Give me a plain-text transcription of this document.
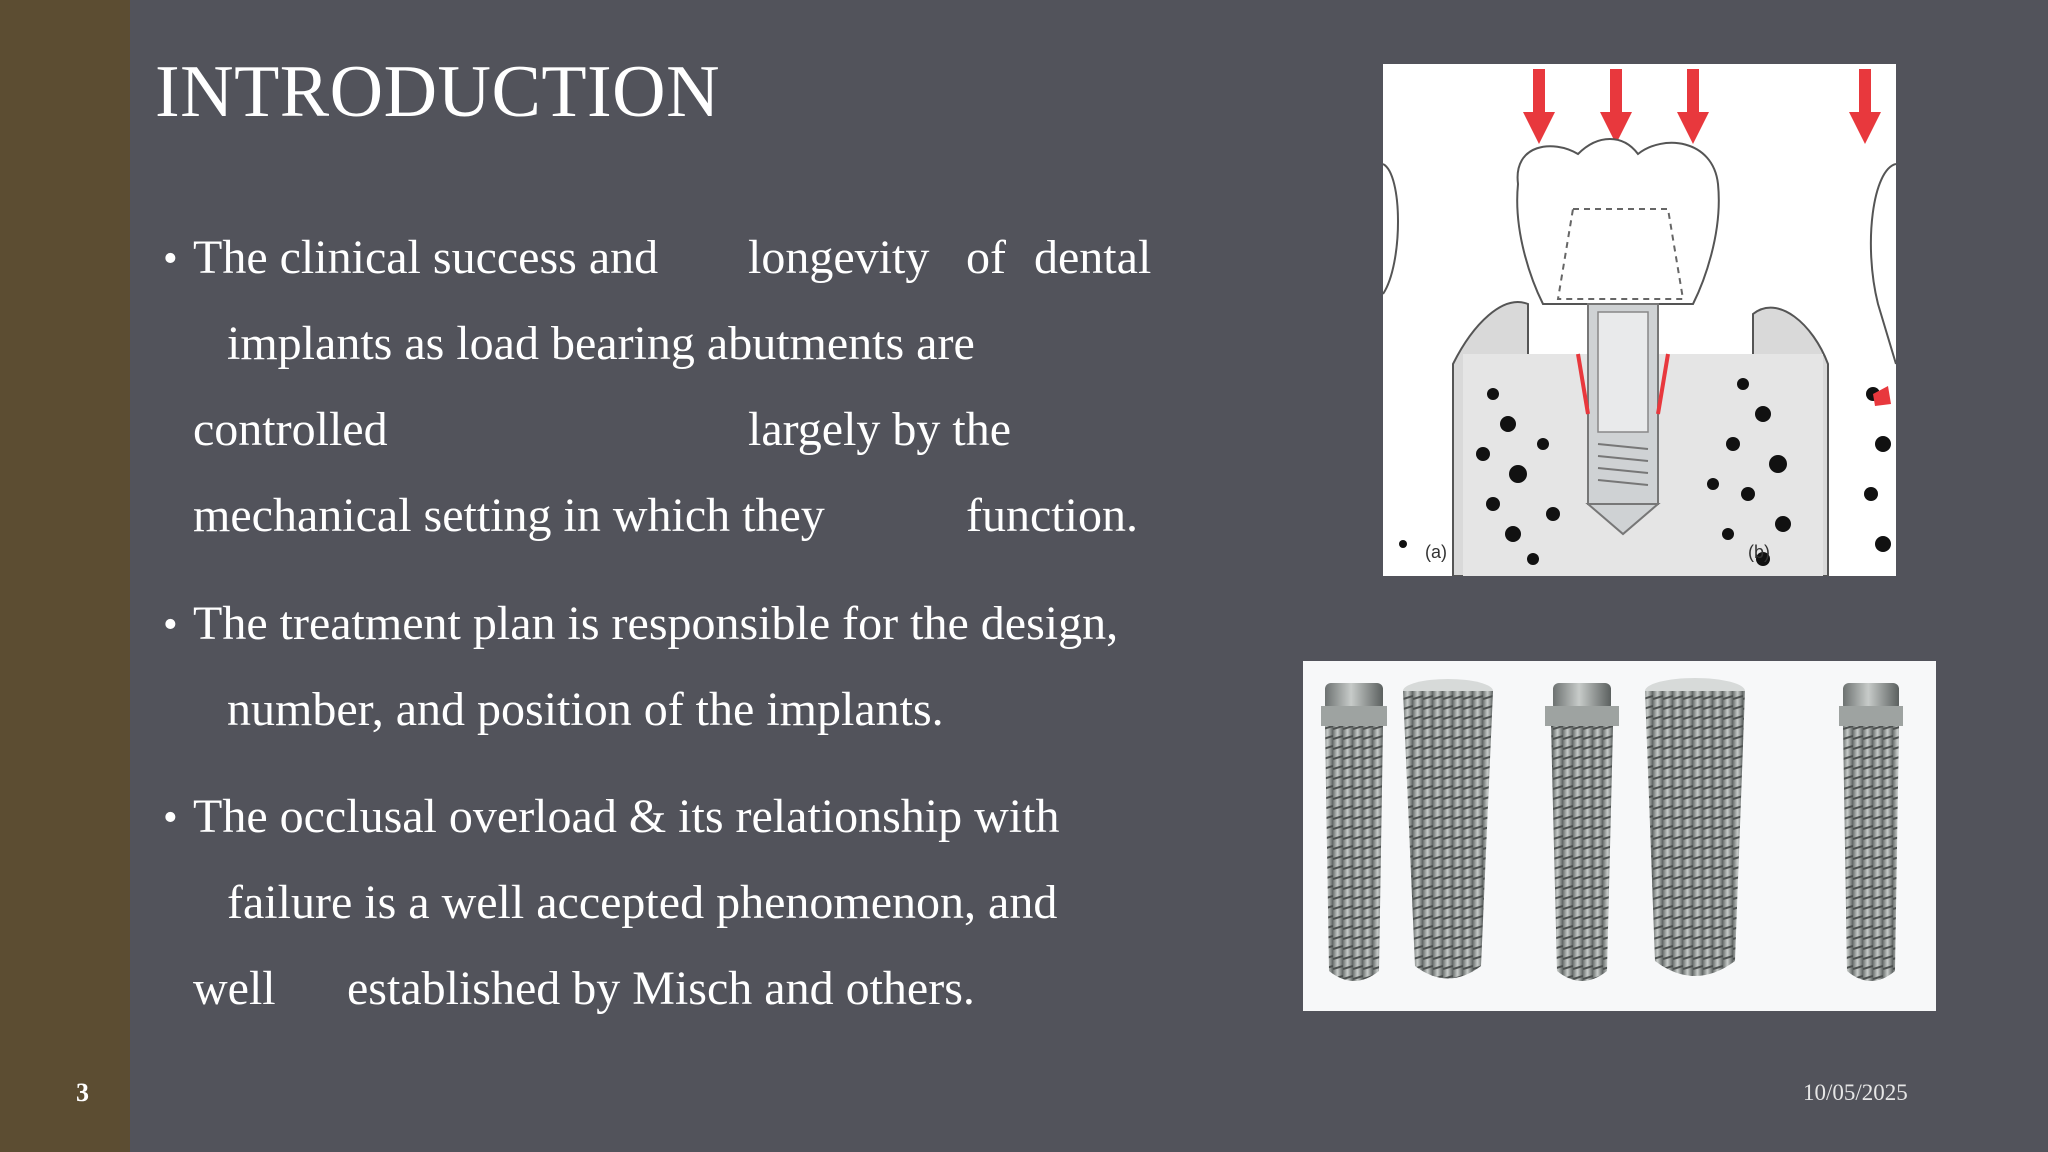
3
INTRODUCTION
• The clinical success and longevity of dental
implants as load bearing abutments are
controlled	largely by the
mechanical setting in which they	function.
• The treatment plan is responsible for the design,
number, and position of the implants.
• The occlusal overload & its relationship with
failure is a well accepted phenomenon, and
well established by Misch and others.
(a)	(b)
10/05/2025
